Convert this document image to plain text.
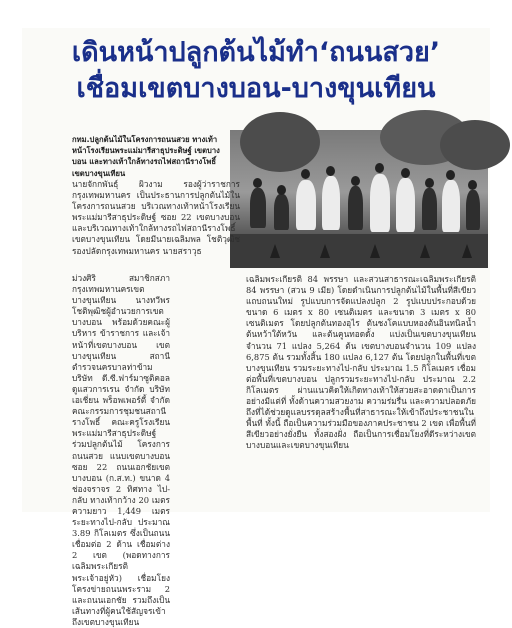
เดินหน้าปลูกต้นไม้ทำ‘ถนนสวย’
เชื่อมเขตบางบอน-บางขุนเทียน

กทม.ปลูกต้นไม้ในโครงการถนนสวย ทางเท้าหน้าโรงเรียนพระแม่มารีสาธุประดิษฐ์ เขตบางบอน และทางเท้าใกล้ทางรถไฟสถานีรางโพธิ์ เขตบางขุนเทียน

นายจักกพันธุ์ ผิวงาม รองผู้ว่าราชการกรุงเทพมหานคร เป็นประธานการปลูกต้นไม้ในโครงการถนนสวย บริเวณทางเท้าหน้าโรงเรียนพระแม่มารีสาธุประดิษฐ์ ซอย 22 เขตบางบอน และบริเวณทางเท้าใกล้ทางรถไฟสถานีรางโพธิ์ เขตบางขุนเทียน โดยมีนายเฉลิมพล โชติวุฒิช รองปลัดกรุงเทพมหานคร นายสราวุธ

ม่วงศิริ สมาชิกสภากรุงเทพมหานครเขตบางขุนเทียน นางทวีพร โชติพุฒิชผู้อำนวยการเขตบางบอน พร้อมด้วยคณะผู้บริหาร ข้าราชการ และเจ้าหน้าที่เขตบางบอน เขตบางขุนเทียน สถานีตำรวจนครบาลท่าข้าม บริษัท ดี.ซี.ฟาร์มาซูติคอล ดูแสวการเรน จำกัด บริษัท เอเชี่ยน พร็อพเพอร์ตี้ จำกัด คณะกรรมการชุมชนสถานีรางโพธิ์ คณะครูโรงเรียนพระแม่มารีสาธุประดิษฐ์ ร่วมปลูกต้นไม้ โครงการถนนสวย แนบเขตบางบอนซอย 22 ถนนเอกชัยเขตบางบอน (ก.ส.ท.) ขนาด 4 ช่องจราจร 2 ทิศทาง ไป-กลับ ทางเท้ากว้าง 20 เมตร ความยาว 1,449 เมตร ระยะทางไป-กลับ ประมาณ 3.89 กิโลเมตร ซึ่งเป็นถนนเชื่อมต่อ 2 ด้าน เชื่อมต่าง 2 เขต (พอดทางการเฉลิมพระเกียรติพระเจ้าอยู่หัว) เชื่อมโยงโครงข่ายถนนพระราม 2 และถนนเอกชัย รวมถึงเป็นเส้นทางที่ผู้คนใช้สัญจรเข้าถึงเขตบางขุนเทียน

เฉลิมพระเกียรติ 84 พรรษา และสวนสาธารณะเฉลิมพระเกียรติ 84 พรรษา (สวน 9 เมีย) โดยดำเนินการปลูกต้นไม้ในพื้นที่สีเขียวแถบถนนใหม่ รูปแบบการจัดแปลงปลูก 2 รูปแบบประกอบด้วย ขนาด 6 เมตร x 80 เซนติเมตร และขนาด 3 เมตร x 80 เซนติเมตร โดยปลูกต้นทองอุไร ต้นชงโคแบบหองต้นอินทนิลน้ำ ต้นหว้าใต้หวัน และต้นคูนทอดดั้ง แบ่งเป็นเขตบางขุนเทียน จำนวน 71 แปลง 5,264 ต้น เขตบางบอนจำนวน 109 แปลง 6,875 ต้น รวมทั้งสิ้น 180 แปลง 6,127 ต้น โดยปลูกในพื้นที่เขตบางขุนเทียน รวมระยะทางไป-กลับ ประมาณ 1.5 กิโลเมตร เชื่อมต่อพื้นที่เขตบางบอน ปลูกรวมระยะทางไป-กลับ ประมาณ 2.2 กิโลเมตร ผ่านแนวคิดให้เกิดทางเท้าให้สวยสะอาดตาเป็นการอย่างมีแต่ที่ ทั้งด้านความสวยงาม ความร่มรื่น และความปลอดภัย ถึงที่ได้ช่วยดูแลบรรดุลสร้างพื้นที่สาธารณะให้เข้าถึงประชาชนในพื้นที่ ทั้งนี้ ถือเป็นความร่วมมือของภาคประชาชน 2 เขต เพื่อพื้นที่สีเขียวอย่างยั่งยืน ทั้งสองฝั่ง ถือเป็นการเชื่อมโยงที่ดีระหว่างเขตบางบอนและเขตบางขุนเทียน
